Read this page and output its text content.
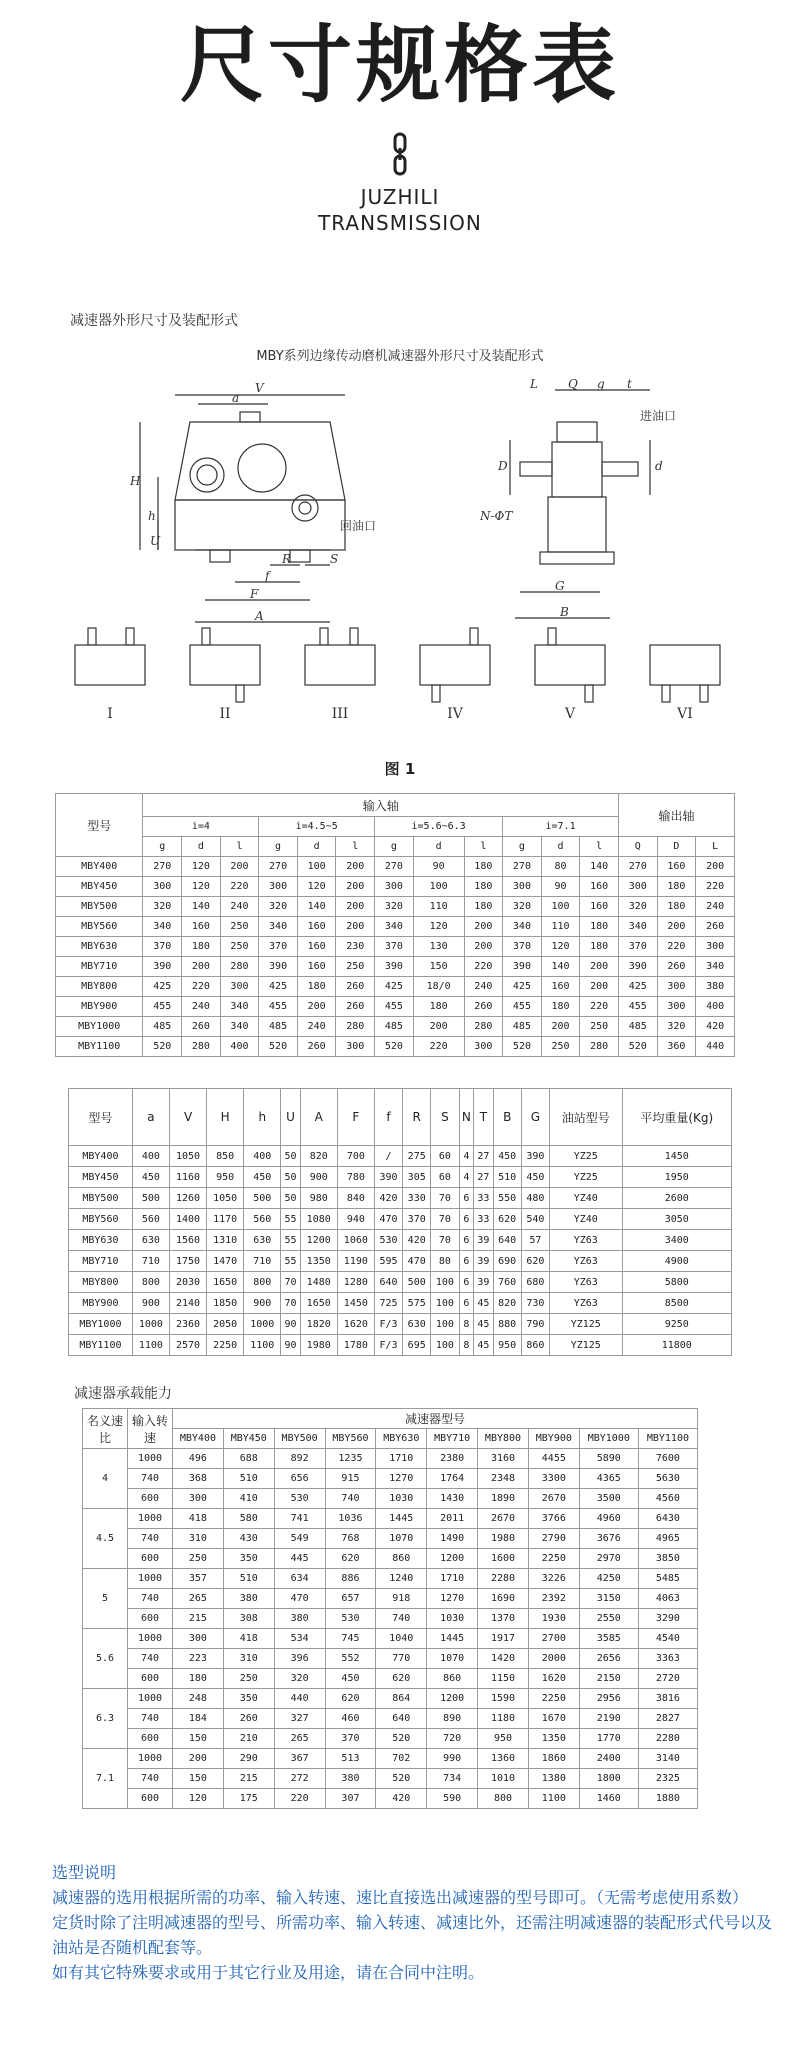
尺寸规格表
JUZHILI
TRANSMISSION
减速器外形尺寸及装配形式
MBY系列边缘传动磨机减速器外形尺寸及装配形式
V
a
H
h
U
R
f
S
F
A
L	Q g t
D	d
G
B
N-ΦT
进油口
回油口
I	II	III	IV	V	VI
图 1
型号	输入轴												输出轴		
	i=4			i=4.5~5			i=5.6~6.3			i=7.1					
	g	d	l	g	d	l	g	d	l	g	d	l	Q	D	L
MBY400	270	120	200	270	100	200	270	90	180	270	80	140	270	160	200
MBY450	300	120	220	300	120	200	300	100	180	300	90	160	300	180	220
MBY500	320	140	240	320	140	200	320	110	180	320	100	160	320	180	240
MBY560	340	160	250	340	160	200	340	120	200	340	110	180	340	200	260
MBY630	370	180	250	370	160	230	370	130	200	370	120	180	370	220	300
MBY710	390	200	280	390	160	250	390	150	220	390	140	200	390	260	340
MBY800	425	220	300	425	180	260	425	18/0	240	425	160	200	425	300	380
MBY900	455	240	340	455	200	260	455	180	260	455	180	220	455	300	400
MBY1000	485	260	340	485	240	280	485	200	280	485	200	250	485	320	420
MBY1100	520	280	400	520	260	300	520	220	300	520	250	280	520	360	440
型号	a	V	H	h	U	A	F	f	R	S	N	T	B	G	油站型号	平均重量(Kg)
MBY400	400	1050	850	400	50	820	700	/	275	60	4	27	450	390	YZ25	1450
MBY450	450	1160	950	450	50	900	780	390	305	60	4	27	510	450	YZ25	1950
MBY500	500	1260	1050	500	50	980	840	420	330	70	6	33	550	480	YZ40	2600
MBY560	560	1400	1170	560	55	1080	940	470	370	70	6	33	620	540	YZ40	3050
MBY630	630	1560	1310	630	55	1200	1060	530	420	70	6	39	640	57	YZ63	3400
MBY710	710	1750	1470	710	55	1350	1190	595	470	80	6	39	690	620	YZ63	4900
MBY800	800	2030	1650	800	70	1480	1280	640	500	100	6	39	760	680	YZ63	5800
MBY900	900	2140	1850	900	70	1650	1450	725	575	100	6	45	820	730	YZ63	8500
MBY1000	1000	2360	2050	1000	90	1820	1620	F/3	630	100	8	45	880	790	YZ125	9250
MBY1100	1100	2570	2250	1100	90	1980	1780	F/3	695	100	8	45	950	860	YZ125	11800
减速器承载能力
名义速比	输入转速	减速器型号									
		MBY400	MBY450	MBY500	MBY560	MBY630	MBY710	MBY800	MBY900	MBY1000	MBY1100
4	1000	496	688	892	1235	1710	2380	3160	4455	5890	7600
	740	368	510	656	915	1270	1764	2348	3300	4365	5630
	600	300	410	530	740	1030	1430	1890	2670	3500	4560
4.5	1000	418	580	741	1036	1445	2011	2670	3766	4960	6430
	740	310	430	549	768	1070	1490	1980	2790	3676	4965
	600	250	350	445	620	860	1200	1600	2250	2970	3850
5	1000	357	510	634	886	1240	1710	2280	3226	4250	5485
	740	265	380	470	657	918	1270	1690	2392	3150	4063
	600	215	308	380	530	740	1030	1370	1930	2550	3290
5.6	1000	300	418	534	745	1040	1445	1917	2700	3585	4540
	740	223	310	396	552	770	1070	1420	2000	2656	3363
	600	180	250	320	450	620	860	1150	1620	2150	2720
6.3	1000	248	350	440	620	864	1200	1590	2250	2956	3816
	740	184	260	327	460	640	890	1180	1670	2190	2827
	600	150	210	265	370	520	720	950	1350	1770	2280
7.1	1000	200	290	367	513	702	990	1360	1860	2400	3140
	740	150	215	272	380	520	734	1010	1380	1800	2325
	600	120	175	220	307	420	590	800	1100	1460	1880

选型说明

减速器的选用根据所需的功率、输入转速、速比直接选出减速器的型号即可。（无需考虑使用系数）

定货时除了注明减速器的型号、所需功率、输入转速、减速比外，还需注明减速器的装配形式代号以及油站是否随机配套等。

如有其它特殊要求或用于其它行业及用途，请在合同中注明。
